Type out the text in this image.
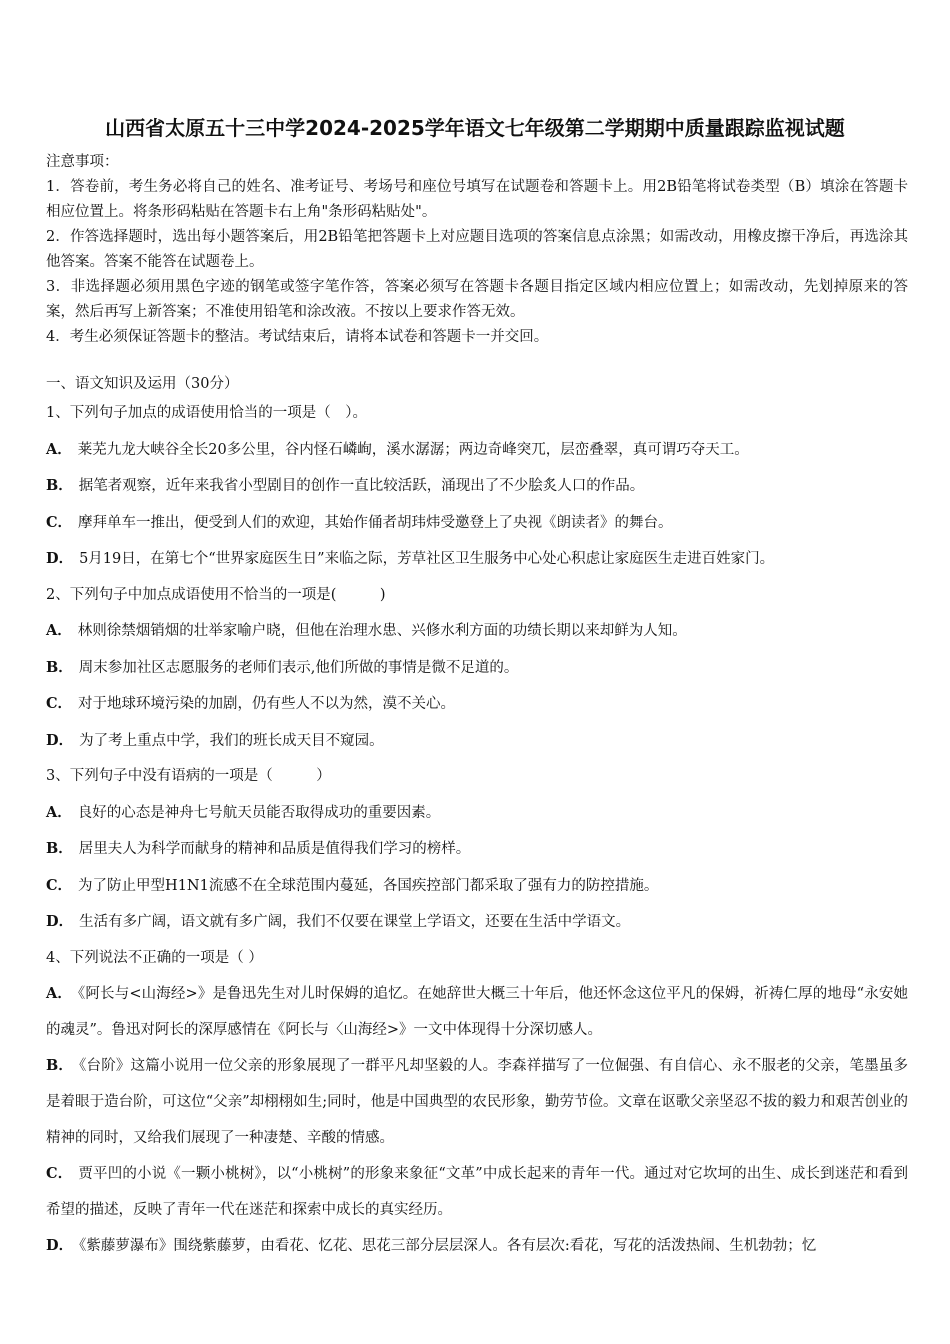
山西省太原五十三中学2024-2025学年语文七年级第二学期期中质量跟踪监视试题

注意事项：

1．答卷前，考生务必将自己的姓名、准考证号、考场号和座位号填写在试题卷和答题卡上。用2B铅笔将试卷类型（B）填涂在答题卡相应位置上。将条形码粘贴在答题卡右上角"条形码粘贴处"。

2．作答选择题时，选出每小题答案后，用2B铅笔把答题卡上对应题目选项的答案信息点涂黑；如需改动，用橡皮擦干净后，再选涂其他答案。答案不能答在试题卷上。

3．非选择题必须用黑色字迹的钢笔或签字笔作答，答案必须写在答题卡各题目指定区域内相应位置上；如需改动，先划掉原来的答案，然后再写上新答案；不准使用铅笔和涂改液。不按以上要求作答无效。

4．考生必须保证答题卡的整洁。考试结束后，请将本试卷和答题卡一并交回。

一、语文知识及运用（30分）

1、下列句子加点的成语使用恰当的一项是（　）。

A． 莱芜九龙大峡谷全长20多公里，谷内怪石嶙峋，溪水潺潺；两边奇峰突兀，层峦叠翠，真可谓巧夺天工。

B． 据笔者观察，近年来我省小型剧目的创作一直比较活跃，涌现出了不少脍炙人口的作品。

C． 摩拜单车一推出，便受到人们的欢迎，其始作俑者胡玮炜受邀登上了央视《朗读者》的舞台。

D． 5月19日，在第七个“世界家庭医生日”来临之际，芳草社区卫生服务中心处心积虑让家庭医生走进百姓家门。

2、下列句子中加点成语使用不恰当的一项是(　　　)

A． 林则徐禁烟销烟的壮举家喻户晓，但他在治理水患、兴修水利方面的功绩长期以来却鲜为人知。

B． 周末参加社区志愿服务的老师们表示,他们所做的事情是微不足道的。

C． 对于地球环境污染的加剧，仍有些人不以为然，漠不关心。

D． 为了考上重点中学，我们的班长成天目不窥园。

3、下列句子中没有语病的一项是（　　　）

A． 良好的心态是神舟七号航天员能否取得成功的重要因素。

B． 居里夫人为科学而献身的精神和品质是值得我们学习的榜样。

C． 为了防止甲型H1N1流感不在全球范围内蔓延，各国疾控部门都采取了强有力的防控措施。

D． 生活有多广阔，语文就有多广阔，我们不仅要在课堂上学语文，还要在生活中学语文。

4、下列说法不正确的一项是（ ）

A． 《阿长与<山海经>》是鲁迅先生对儿时保姆的追忆。在她辞世大概三十年后，他还怀念这位平凡的保姆，祈祷仁厚的地母“永安她的魂灵”。鲁迅对阿长的深厚感情在《阿长与〈山海经>》一文中体现得十分深切感人。

B． 《台阶》这篇小说用一位父亲的形象展现了一群平凡却坚毅的人。李森祥描写了一位倔强、有自信心、永不服老的父亲，笔墨虽多是着眼于造台阶，可这位“父亲”却栩栩如生;同时，他是中国典型的农民形象，勤劳节俭。文章在讴歌父亲坚忍不拔的毅力和艰苦创业的精神的同时，又给我们展现了一种凄楚、辛酸的情感。

C． 贾平凹的小说《一颗小桃树》，以“小桃树”的形象来象征“文革”中成长起来的青年一代。通过对它坎坷的出生、成长到迷茫和看到希望的描述，反映了青年一代在迷茫和探索中成长的真实经历。

D． 《紫藤萝瀑布》围绕紫藤萝，由看花、忆花、思花三部分层层深人。各有层次:看花，写花的活泼热闹、生机勃勃；忆
